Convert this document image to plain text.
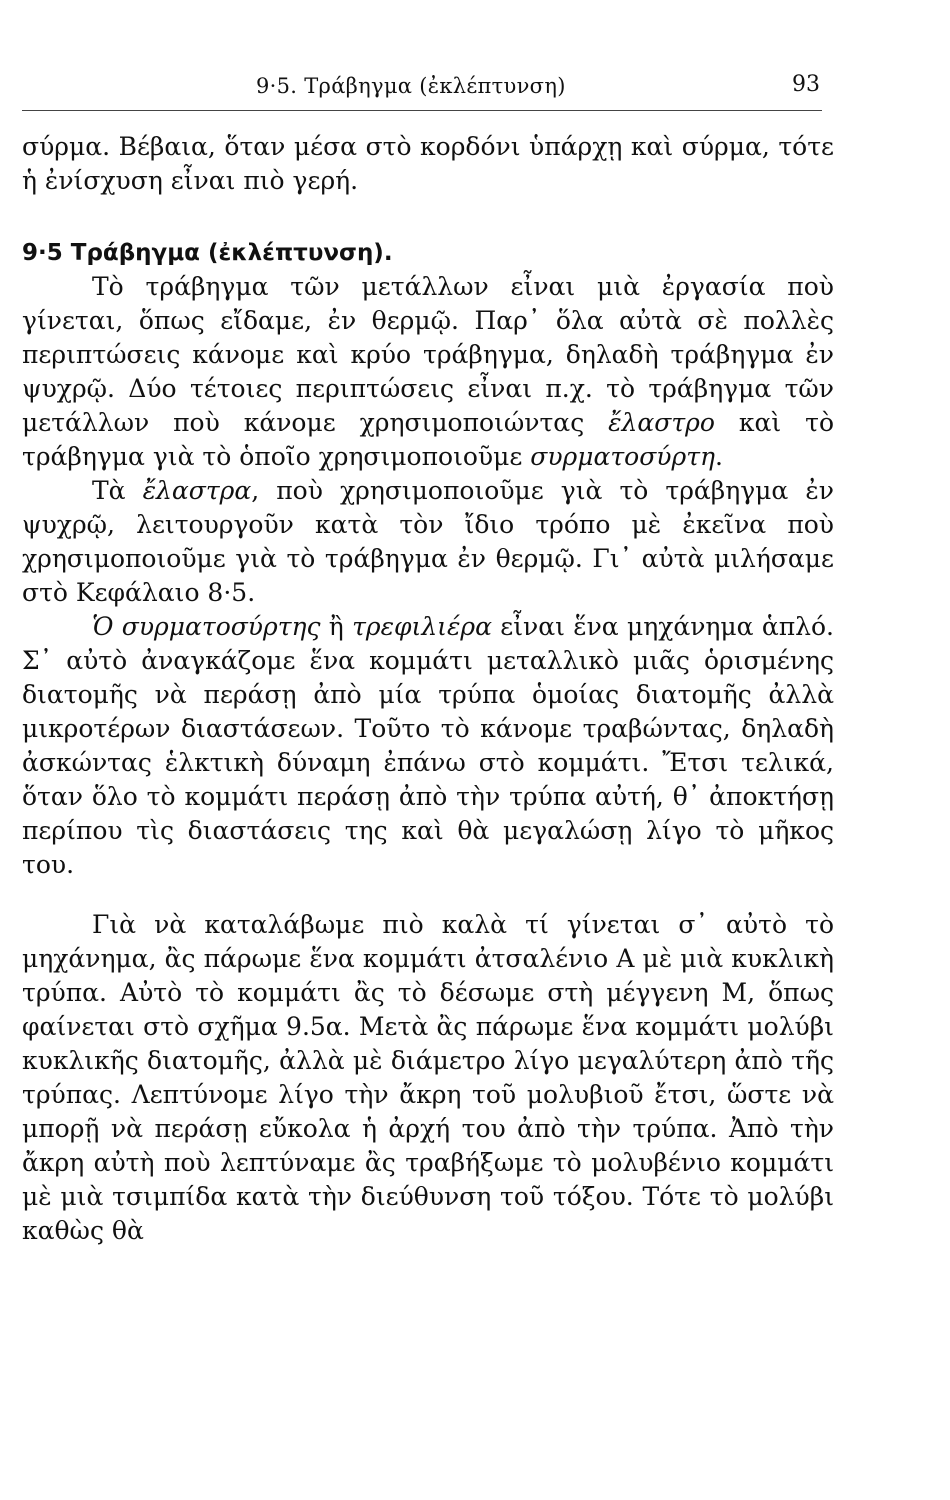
9·5. Τράβηγμα (ἐκλέπτυνση)	93

σύρμα. Βέβαια, ὅταν μέσα στὸ κορδόνι ὑπάρχῃ καὶ σύρμα, τότε ἡ ἐνίσχυση εἶναι πιὸ γερή.

9·5 Τράβηγμα (ἐκλέπτυνση).

Τὸ τράβηγμα τῶν μετάλλων εἶναι μιὰ ἐργασία ποὺ γίνεται, ὅπως εἴδαμε, ἐν θερμῷ. Παρ᾽ ὅλα αὐτὰ σὲ πολλὲς περιπτώσεις κάνομε καὶ κρύο τράβηγμα, δηλαδὴ τράβηγμα ἐν ψυχρῷ. Δύο τέτοιες περιπτώσεις εἶναι π.χ. τὸ τράβηγμα τῶν μετάλλων ποὺ κάνομε χρησιμοποιώντας ἔλαστρο καὶ τὸ τράβηγμα γιὰ τὸ ὁποῖο χρησιμοποιοῦμε συρματοσύρτη.

Τὰ ἔλαστρα, ποὺ χρησιμοποιοῦμε γιὰ τὸ τράβηγμα ἐν ψυχρῷ, λειτουργοῦν κατὰ τὸν ἴδιο τρόπο μὲ ἐκεῖνα ποὺ χρησιμοποιοῦμε γιὰ τὸ τράβηγμα ἐν θερμῷ. Γι᾽ αὐτὰ μιλήσαμε στὸ Κεφάλαιο 8·5.

Ὁ συρματοσύρτης ἢ τρεφιλιέρα εἶναι ἕνα μηχάνημα ἁπλό. Σ᾽ αὐτὸ ἀναγκάζομε ἕνα κομμάτι μεταλλικὸ μιᾶς ὁρισμένης διατομῆς νὰ περάσῃ ἀπὸ μία τρύπα ὁμοίας διατομῆς ἀλλὰ μικροτέρων διαστάσεων. Τοῦτο τὸ κάνομε τραβώντας, δηλαδὴ ἀσκώντας ἑλκτικὴ δύναμη ἐπάνω στὸ κομμάτι. Ἔτσι τελικά, ὅταν ὅλο τὸ κομμάτι περάσῃ ἀπὸ τὴν τρύπα αὐτή, θ᾽ ἀποκτήσῃ περίπου τὶς διαστάσεις της καὶ θὰ μεγαλώσῃ λίγο τὸ μῆκος του.

Γιὰ νὰ καταλάβωμε πιὸ καλὰ τί γίνεται σ᾽ αὐτὸ τὸ μηχάνημα, ἂς πάρωμε ἕνα κομμάτι ἀτσαλένιο Α μὲ μιὰ κυκλικὴ τρύπα. Αὐτὸ τὸ κομμάτι ἂς τὸ δέσωμε στὴ μέγγενη Μ, ὅπως φαίνεται στὸ σχῆμα 9.5α. Μετὰ ἂς πάρωμε ἕνα κομμάτι μολύβι κυκλικῆς διατομῆς, ἀλλὰ μὲ διάμετρο λίγο μεγαλύτερη ἀπὸ τῆς τρύπας. Λεπτύνομε λίγο τὴν ἄκρη τοῦ μολυβιοῦ ἔτσι, ὥστε νὰ μπορῇ νὰ περάσῃ εὔκολα ἡ ἀρχή του ἀπὸ τὴν τρύπα. Ἀπὸ τὴν ἄκρη αὐτὴ ποὺ λεπτύναμε ἂς τραβήξωμε τὸ μολυβένιο κομμάτι μὲ μιὰ τσιμπίδα κατὰ τὴν διεύθυνση τοῦ τόξου. Τότε τὸ μολύβι καθὼς θὰ
